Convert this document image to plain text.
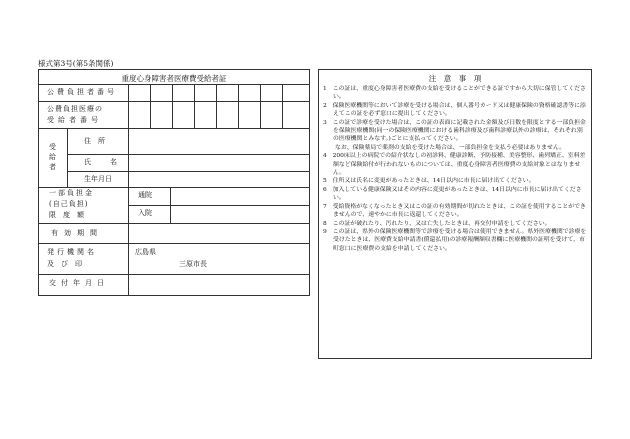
様式第3号(第5条関係)
重度心身障害者医療費受給者証
公費負担者番号
公費負担医療の
受給者番号
受給者
住　所
氏　名
生年月日
一部負担金
(自己負担)
限　度　額
通院
入院
有効期間
発行機関名
及　び　印
広島県
三原市長
交付年月日
注　意　事　項

1　この証は、重度心身障害者医療費の支給を受けることができる証ですから大切に保管してください。

2　保険医療機関等において診療を受ける場合は、個人番号カード又は健康保険の資格確認書等に添えてこの証を必ず窓口に提出してください。

3　この証で診療を受けた場合は、この証の表面に記載された金額及び日数を限度とする一部負担金を保険医療機関(同一の保険医療機関における歯科診療及び歯科診療以外の診療は、それぞれ別の医療機関とみなす。)ごとに支払ってください。

なお、保険薬局で薬剤の支給を受けた場合は、一部負担金を支払う必要はありません。

4　200床以上の病院での紹介状なしの初診料、健康診断、予防接種、美容整形、歯列矯正、室料差額など保険給付が行われないものについては、重度心身障害者医療費の支給対象とはなりません。

5　住所又は氏名に変更があったときは、14日以内に市長に届け出てください。

6　加入している健康保険又はその内容に変更があったときは、14日以内に市長に届け出てください。

7　受給資格がなくなったとき又はこの証の有効期間が切れたときは、この証を使用することができませんので、速やかに市長に返還してください。

8　この証が破れたり、汚れたり、又は亡失したときは、再交付申請をしてください。

9　この証は、県外の保険医療機関等で診療を受ける場合は使用できません。県外医療機関で診療を受けたときは、医療費支給申請書(償還払用)の診療報酬額収書欄に医療機関の証明を受けて、市町窓口に医療費の支給を申請してください。
